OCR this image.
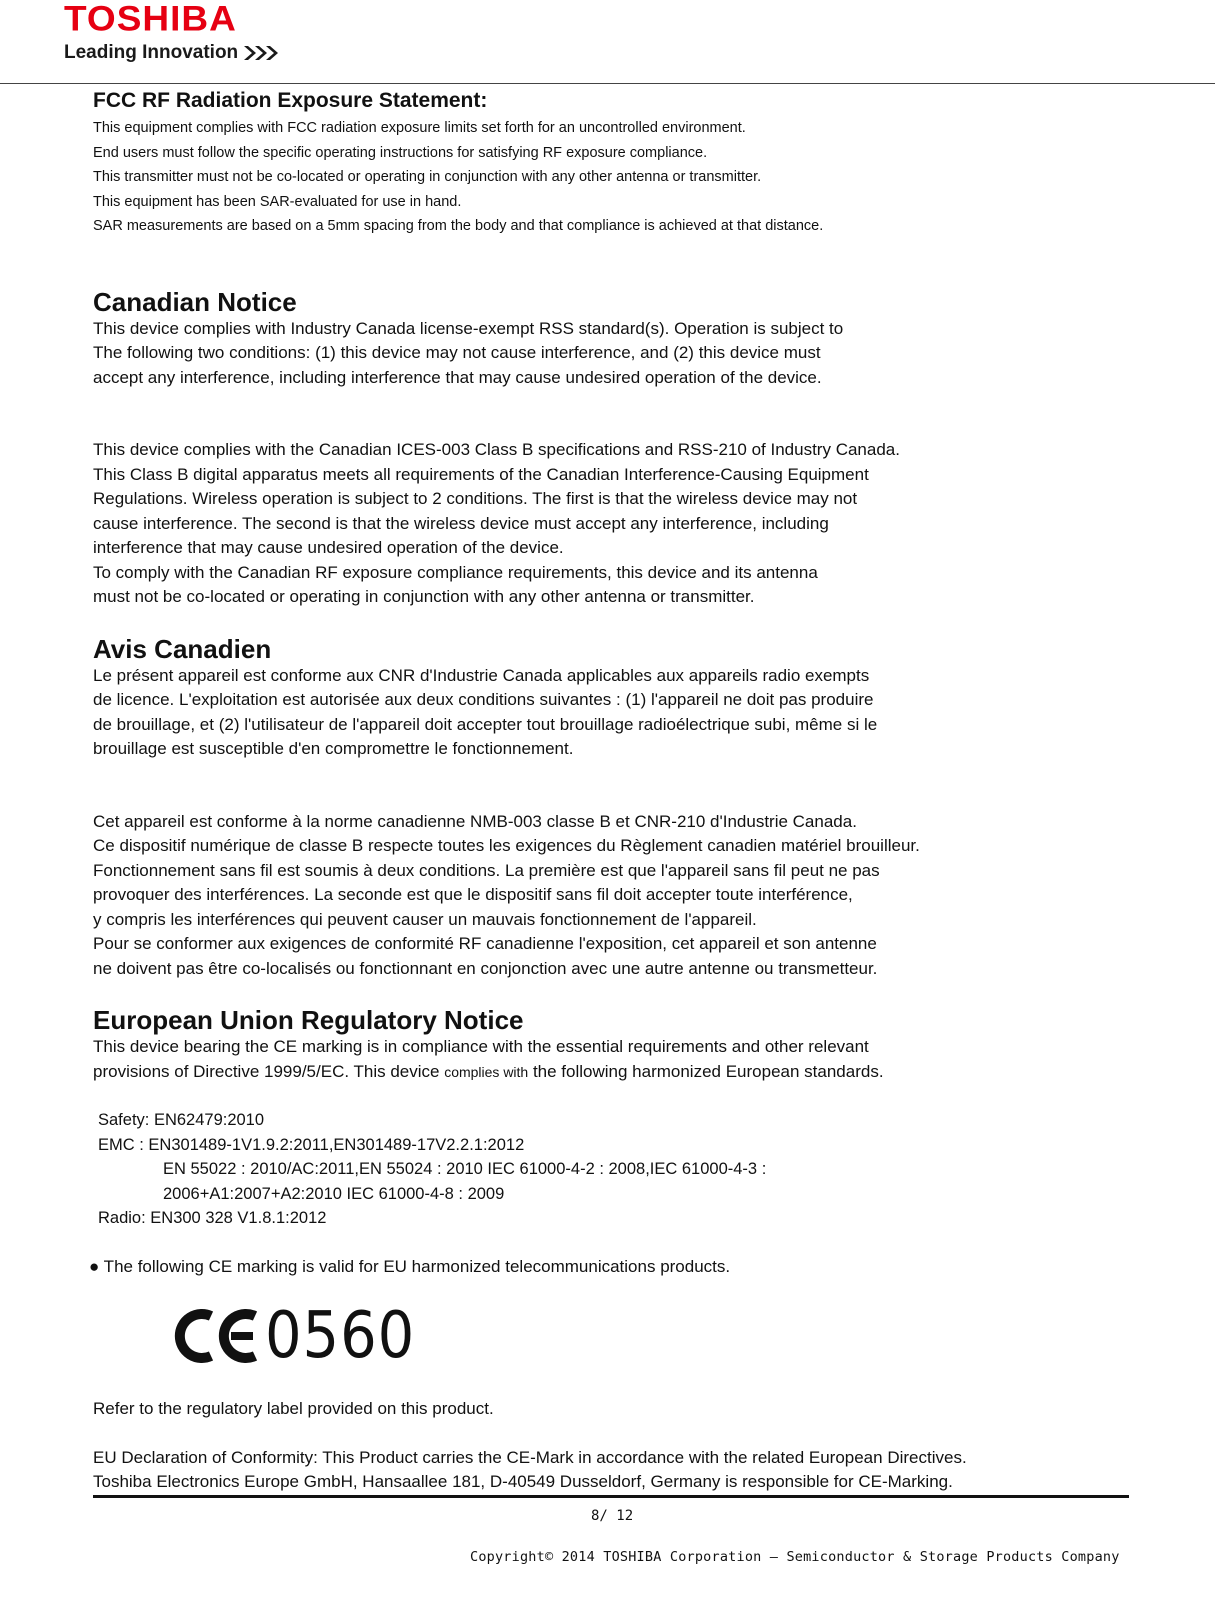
TOSHIBA
Leading Innovation
FCC RF Radiation Exposure Statement:
This equipment complies with FCC radiation exposure limits set forth for an uncontrolled environment.
End users must follow the specific operating instructions for satisfying RF exposure compliance.
This transmitter must not be co-located or operating in conjunction with any other antenna or transmitter.
This equipment has been SAR-evaluated for use in hand.
SAR measurements are based on a 5mm spacing from the body and that compliance is achieved at that distance.
Canadian Notice
This device complies with Industry Canada license-exempt RSS standard(s). Operation is subject to
The following two conditions: (1) this device may not cause interference, and (2) this device must
accept any interference, including interference that may cause undesired operation of the device.
This device complies with the Canadian ICES-003 Class B specifications and RSS-210 of Industry Canada.
This Class B digital apparatus meets all requirements of the Canadian Interference-Causing Equipment
Regulations. Wireless operation is subject to 2 conditions. The first is that the wireless device may not
cause interference. The second is that the wireless device must accept any interference, including
interference that may cause undesired operation of the device.
To comply with the Canadian RF exposure compliance requirements, this device and its antenna
must not be co-located or operating in conjunction with any other antenna or transmitter.
Avis Canadien
Le présent appareil est conforme aux CNR d'Industrie Canada applicables aux appareils radio exempts
de licence. L'exploitation est autorisée aux deux conditions suivantes : (1) l'appareil ne doit pas produire
de brouillage, et (2) l'utilisateur de l'appareil doit accepter tout brouillage radioélectrique subi, même si le
brouillage est susceptible d'en compromettre le fonctionnement.
Cet appareil est conforme à la norme canadienne NMB-003 classe B et CNR-210 d'Industrie Canada.
Ce dispositif numérique de classe B respecte toutes les exigences du Règlement canadien matériel brouilleur.
Fonctionnement sans fil est soumis à deux conditions. La première est que l'appareil sans fil peut ne pas
provoquer des interférences. La seconde est que le dispositif sans fil doit accepter toute interférence,
y compris les interférences qui peuvent causer un mauvais fonctionnement de l'appareil.
Pour se conformer aux exigences de conformité RF canadienne l'exposition, cet appareil et son antenne
ne doivent pas être co-localisés ou fonctionnant en conjonction avec une autre antenne ou transmetteur.
European Union Regulatory Notice
This device bearing the CE marking is in compliance with the essential requirements and other relevant
provisions of Directive 1999/5/EC. This device complies with the following harmonized European standards.
Safety: EN62479:2010
EMC : EN301489-1V1.9.2:2011,EN301489-17V2.2.1:2012
EN 55022 : 2010/AC:2011,EN 55024 : 2010 IEC 61000-4-2 : 2008,IEC 61000-4-3 :
2006+A1:2007+A2:2010 IEC 61000-4-8 : 2009
Radio: EN300 328 V1.8.1:2012
● The following CE marking is valid for EU harmonized telecommunications products.
0560
Refer to the regulatory label provided on this product.
EU Declaration of Conformity: This Product carries the CE-Mark in accordance with the related European Directives.
Toshiba Electronics Europe GmbH, Hansaallee 181, D-40549 Dusseldorf, Germany is responsible for CE-Marking.
8/ 12
Copyright© 2014 TOSHIBA Corporation – Semiconductor & Storage Products Company
